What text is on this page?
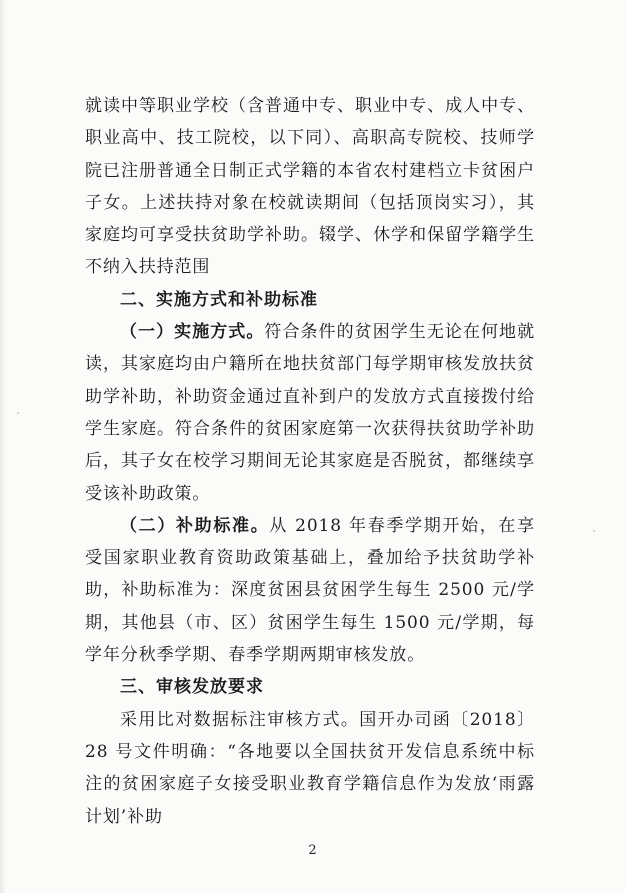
就读中等职业学校（含普通中专、职业中专、成人中专、职业高中、技工院校，以下同）、高职高专院校、技师学院已注册普通全日制正式学籍的本省农村建档立卡贫困户子女。上述扶持对象在校就读期间（包括顶岗实习），其家庭均可享受扶贫助学补助。辍学、休学和保留学籍学生不纳入扶持范围

二、实施方式和补助标准

（一）实施方式。符合条件的贫困学生无论在何地就读，其家庭均由户籍所在地扶贫部门每学期审核发放扶贫助学补助，补助资金通过直补到户的发放方式直接拨付给学生家庭。符合条件的贫困家庭第一次获得扶贫助学补助后，其子女在校学习期间无论其家庭是否脱贫，都继续享受该补助政策。

（二）补助标准。从 2018 年春季学期开始，在享受国家职业教育资助政策基础上，叠加给予扶贫助学补助，补助标准为：深度贫困县贫困学生每生 2500 元/学期，其他县（市、区）贫困学生每生 1500 元/学期，每学年分秋季学期、春季学期两期审核发放。

三、审核发放要求

采用比对数据标注审核方式。国开办司函〔2018〕28 号文件明确：“各地要以全国扶贫开发信息系统中标注的贫困家庭子女接受职业教育学籍信息作为发放‘雨露计划’补助

2
